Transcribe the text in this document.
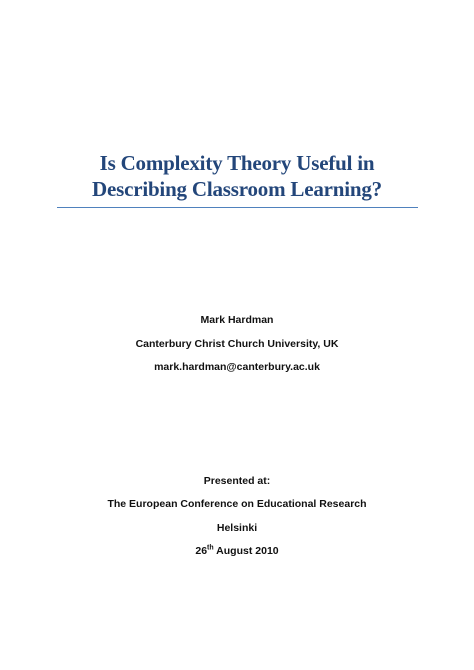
Is Complexity Theory Useful in
Describing Classroom Learning?
Mark Hardman
Canterbury Christ Church University, UK
mark.hardman@canterbury.ac.uk
Presented at:
The European Conference on Educational Research
Helsinki
26th August 2010
